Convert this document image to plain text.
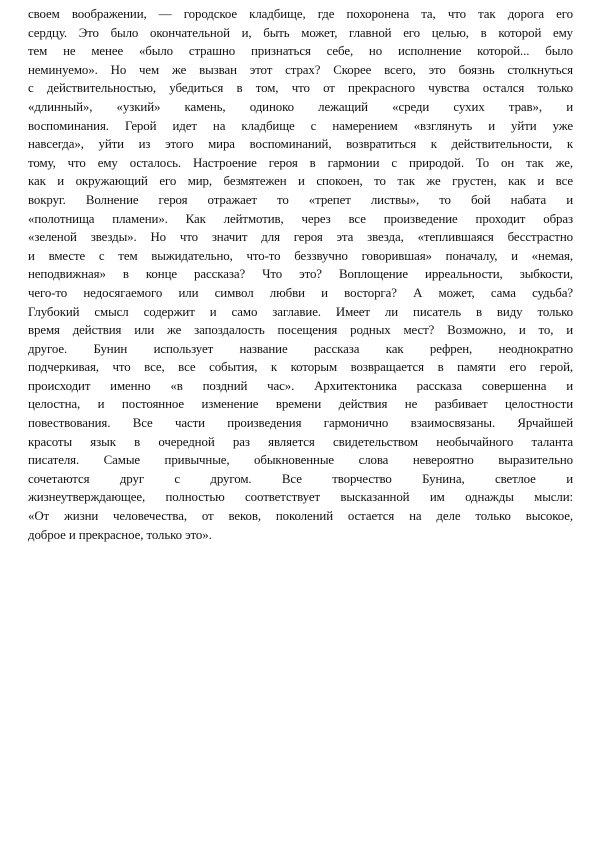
своем воображении, — городское кладбище, где похоронена та, что так дорога его
сердцу. Это было окончательной и, быть может, главной его целью, в которой ему
тем не менее «было страшно признаться себе, но исполнение которой... было
неминуемо». Но чем же вызван этот страх? Скорее всего, это боязнь столкнуться
с действительностью, убедиться в том, что от прекрасного чувства остался только
«длинный», «узкий» камень, одиноко лежащий «среди сухих трав», и
воспоминания. Герой идет на кладбище с намерением «взглянуть и уйти уже
навсегда», уйти из этого мира воспоминаний, возвратиться к действительности, к
тому, что ему осталось. Настроение героя в гармонии с природой. То он так же,
как и окружающий его мир, безмятежен и спокоен, то так же грустен, как и все
вокруг. Волнение героя отражает то «трепет листвы», то бой набата и
«полотнища пламени». Как лейтмотив, через все произведение проходит образ
«зеленой звезды». Но что значит для героя эта звезда, «теплившаяся бесстрастно
и вместе с тем выжидательно, что-то беззвучно говорившая» поначалу, и «немая,
неподвижная» в конце рассказа? Что это? Воплощение ирреальности, зыбкости,
чего-то недосягаемого или символ любви и восторга? А может, сама судьба?
Глубокий смысл содержит и само заглавие. Имеет ли писатель в виду только
время действия или же запоздалость посещения родных мест? Возможно, и то, и
другое. Бунин использует название рассказа как рефрен, неоднократно
подчеркивая, что все, все события, к которым возвращается в памяти его герой,
происходит именно «в поздний час». Архитектоника рассказа совершенна и
целостна, и постоянное изменение времени действия не разбивает целостности
повествования. Все части произведения гармонично взаимосвязаны. Ярчайшей
красоты язык в очередной раз является свидетельством необычайного таланта
писателя. Самые привычные, обыкновенные слова невероятно выразительно
сочетаются друг с другом. Все творчество Бунина, светлое и
жизнеутверждающее, полностью соответствует высказанной им однажды мысли:
«От жизни человечества, от веков, поколений остается на деле только высокое,
доброе и прекрасное, только это».
